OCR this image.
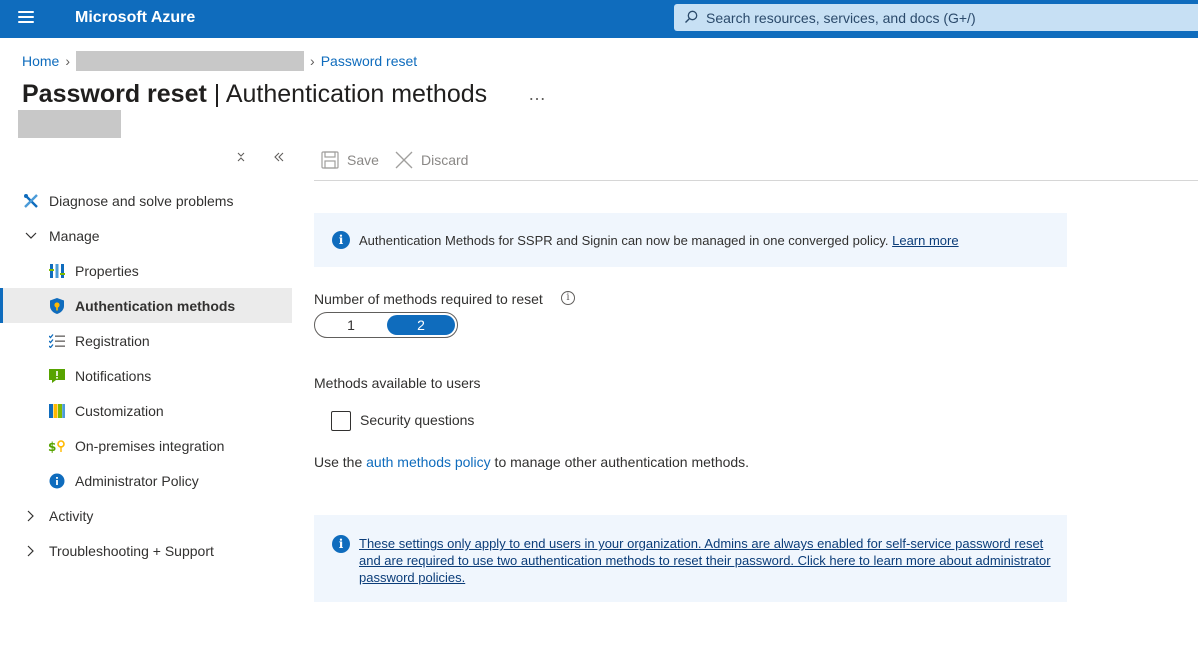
Microsoft Azure
Search resources, services, and docs (G+/)
Home ›	› Password reset
Password reset | Authentication methods …
Diagnose and solve problems
Manage
Properties
Authentication methods
Registration
Notifications
Customization
$ On-premises integration
Administrator Policy
Activity
Troubleshooting + Support
Save	Discard
i	Authentication Methods for SSPR and Signin can now be managed in one converged policy. Learn more
Number of methods required to reset	i
1	2
Methods available to users
Security questions
Use the auth methods policy to manage other authentication methods.
i	These settings only apply to end users in your organization. Admins are always enabled for self-service password reset and are required to use two authentication methods to reset their password. Click here to learn more about administrator password policies.
